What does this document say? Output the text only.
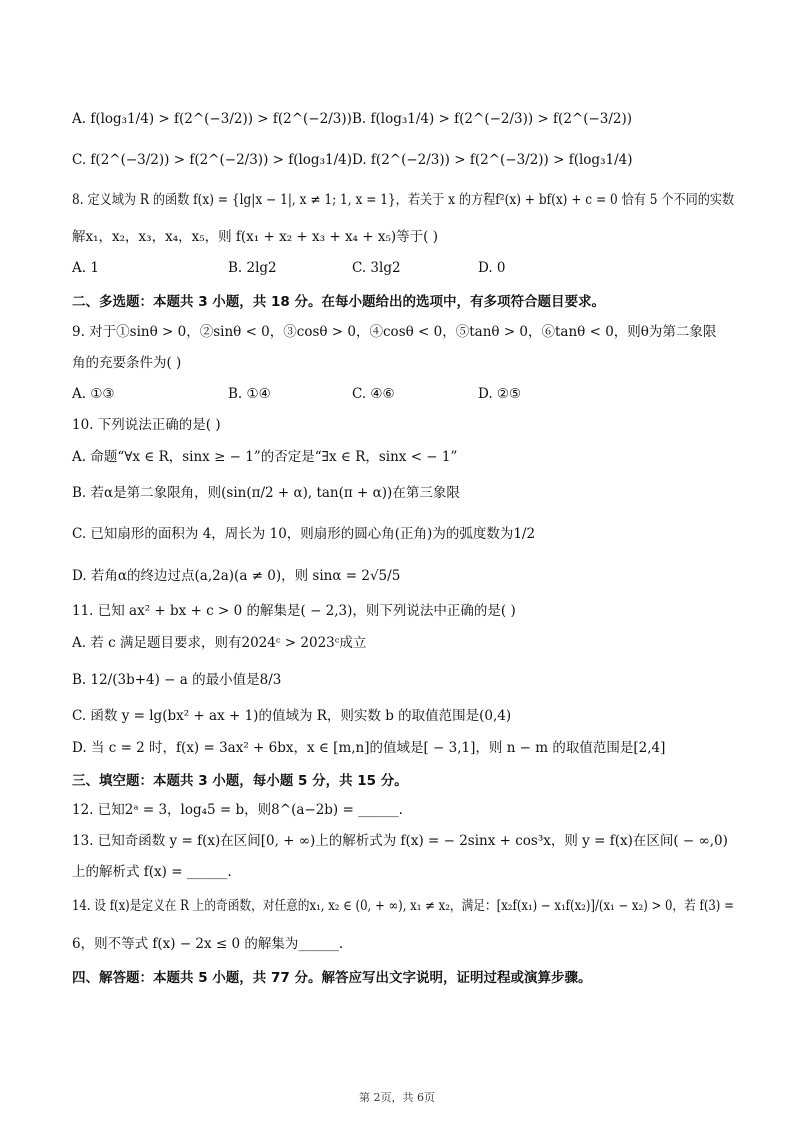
A. f(log₃1/4) > f(2^(−3/2)) > f(2^(−2/3)) B. f(log₃1/4) > f(2^(−2/3)) > f(2^(−3/2))
C. f(2^(−3/2)) > f(2^(−2/3)) > f(log₃1/4) D. f(2^(−2/3)) > f(2^(−3/2)) > f(log₃1/4)
8. 定义域为 R 的函数 f(x) = {lg|x − 1|, x ≠ 1; 1, x = 1}，若关于 x 的方程f²(x) + bf(x) + c = 0 恰有 5 个不同的实数
解x₁，x₂，x₃，x₄，x₅，则 f(x₁ + x₂ + x₃ + x₄ + x₅)等于( )
A. 1	B. 2lg2	C. 3lg2	D. 0
二、多选题：本题共 3 小题，共 18 分。在每小题给出的选项中，有多项符合题目要求。
9. 对于①sinθ > 0，②sinθ < 0，③cosθ > 0，④cosθ < 0，⑤tanθ > 0，⑥tanθ < 0，则θ为第二象限
角的充要条件为( )
A. ①③	B. ①④	C. ④⑥	D. ②⑤
10. 下列说法正确的是( )
A. 命题“∀x ∈ R，sinx ≥ − 1”的否定是“∃x ∈ R，sinx < − 1”
B. 若α是第二象限角，则(sin(π/2 + α), tan(π + α))在第三象限
C. 已知扇形的面积为 4，周长为 10，则扇形的圆心角(正角)为的弧度数为1/2
D. 若角α的终边过点(a,2a)(a ≠ 0)，则 sinα = 2√5/5
11. 已知 ax² + bx + c > 0 的解集是( − 2,3)，则下列说法中正确的是( )
A. 若 c 满足题目要求，则有2024ᶜ > 2023ᶜ成立
B. 12/(3b+4) − a 的最小值是8/3
C. 函数 y = lg(bx² + ax + 1)的值域为 R，则实数 b 的取值范围是(0,4)
D. 当 c = 2 时，f(x) = 3ax² + 6bx，x ∈ [m,n]的值域是[ − 3,1]，则 n − m 的取值范围是[2,4]
三、填空题：本题共 3 小题，每小题 5 分，共 15 分。
12. 已知2ᵃ = 3，log₄5 = b，则8^(a−2b) = ______.
13. 已知奇函数 y = f(x)在区间[0, + ∞)上的解析式为 f(x) = − 2sinx + cos³x，则 y = f(x)在区间( − ∞,0)
上的解析式 f(x) = ______.
14. 设 f(x)是定义在 R 上的奇函数，对任意的x₁, x₂ ∈ (0, + ∞), x₁ ≠ x₂，满足：[x₂f(x₁) − x₁f(x₂)]/(x₁ − x₂) > 0，若 f(3) =
6，则不等式 f(x) − 2x ≤ 0 的解集为______.
四、解答题：本题共 5 小题，共 77 分。解答应写出文字说明，证明过程或演算步骤。
第 2页，共 6页
